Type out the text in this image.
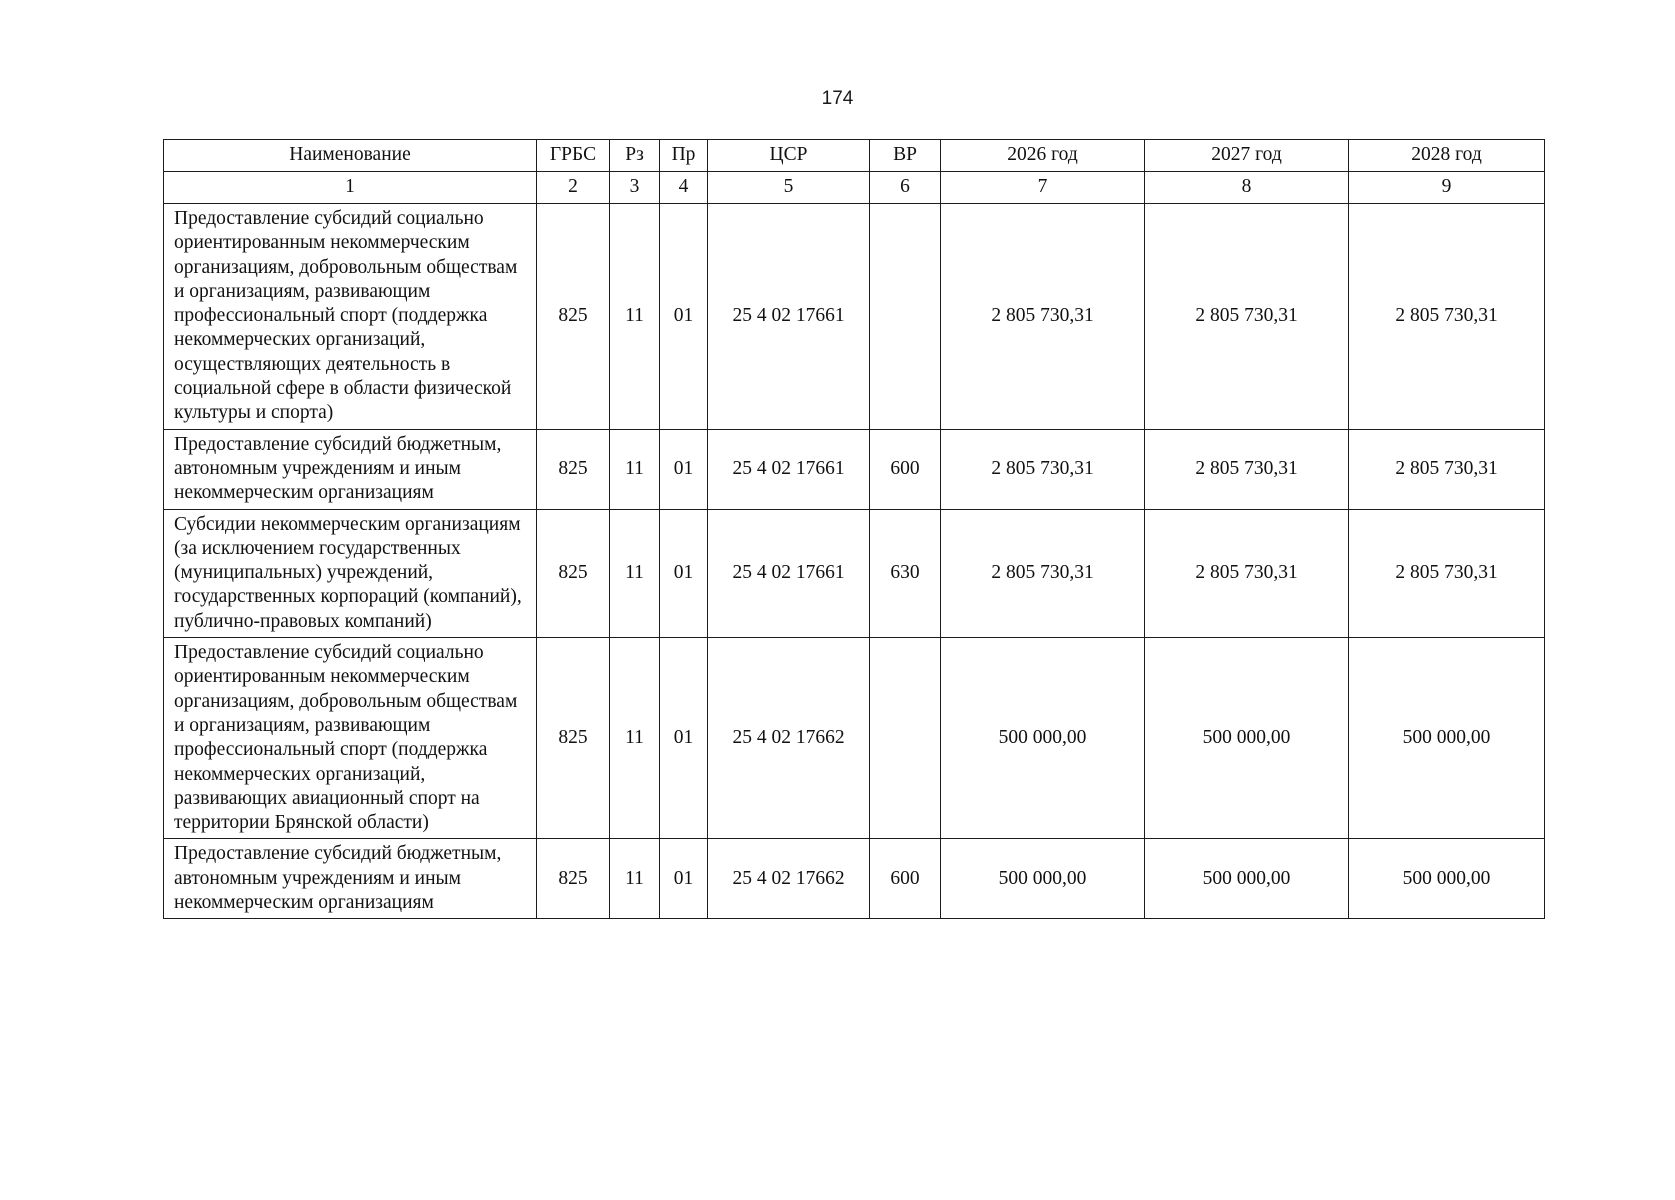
174
Наименование	ГРБС	Рз	Пр	ЦСР	ВР	2026 год	2027 год	2028 год
1	2	3	4	5	6	7	8	9
Предоставление субсидий социально ориентированным некоммерческим организациям, добровольным обществам и организациям, развивающим профессиональный спорт (поддержка некоммерческих организаций, осуществляющих деятельность в социальной сфере в области физической культуры и спорта)	825	11	01	25 4 02 17661		2 805 730,31	2 805 730,31	2 805 730,31
Предоставление субсидий бюджетным, автономным учреждениям и иным некоммерческим организациям	825	11	01	25 4 02 17661	600	2 805 730,31	2 805 730,31	2 805 730,31
Субсидии некоммерческим организациям (за исключением государственных (муниципальных) учреждений, государственных корпораций (компаний), публично-правовых компаний)	825	11	01	25 4 02 17661	630	2 805 730,31	2 805 730,31	2 805 730,31
Предоставление субсидий социально ориентированным некоммерческим организациям, добровольным обществам и организациям, развивающим профессиональный спорт (поддержка некоммерческих организаций, развивающих авиационный спорт на территории Брянской области)	825	11	01	25 4 02 17662		500 000,00	500 000,00	500 000,00
Предоставление субсидий бюджетным, автономным учреждениям и иным некоммерческим организациям	825	11	01	25 4 02 17662	600	500 000,00	500 000,00	500 000,00
